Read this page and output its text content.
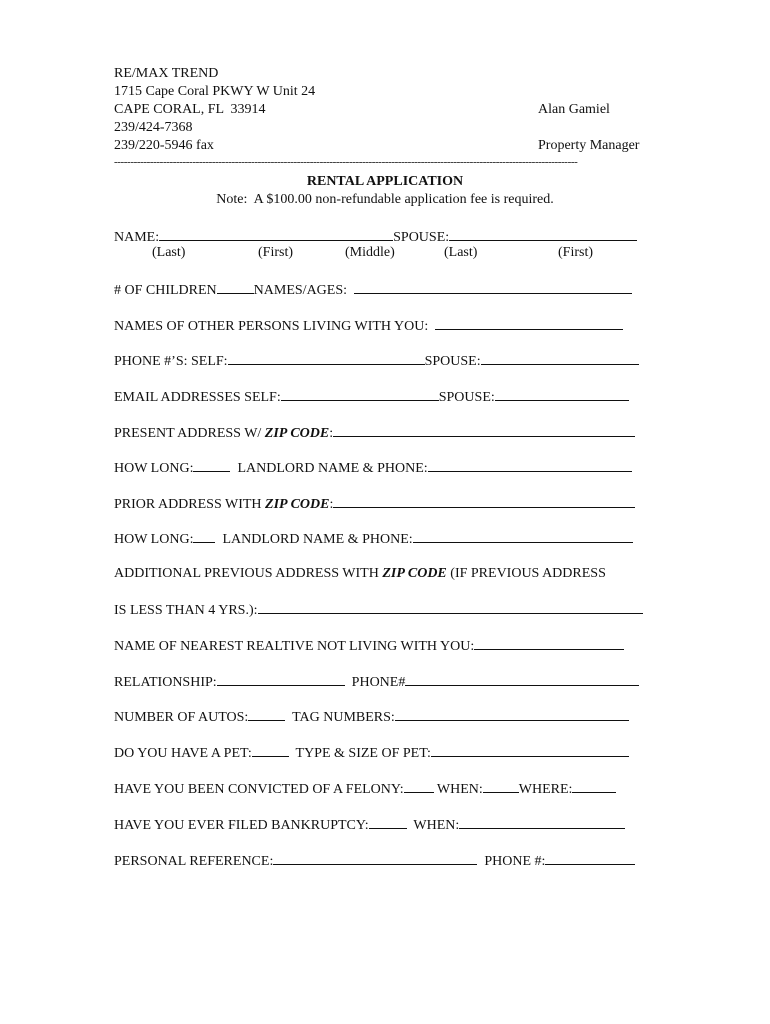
RE/MAX TREND
1715 Cape Coral PKWY W Unit 24
CAPE CORAL, FL  33914	Alan Gamiel
239/424-7368
239/220-5946 fax	Property Manager
----------------------------------------------------------------------------------------------------------------------------------------------
RENTAL APPLICATION
Note:  A $100.00 non-refundable application fee is required.
NAME:	SPOUSE:
(Last)	(First)	(Middle)	(Last)	(First)
# OF CHILDREN	NAMES/AGES:
NAMES OF OTHER PERSONS LIVING WITH YOU:
PHONE #’S: SELF:	SPOUSE:
EMAIL ADDRESSES SELF:	SPOUSE:
PRESENT ADDRESS W/ ZIP CODE:
HOW LONG:	LANDLORD NAME & PHONE:
PRIOR ADDRESS WITH ZIP CODE:
HOW LONG:  LANDLORD NAME & PHONE:
ADDITIONAL PREVIOUS ADDRESS WITH ZIP CODE (IF PREVIOUS ADDRESS
IS LESS THAN 4 YRS.):
NAME OF NEAREST REALTIVE NOT LIVING WITH YOU:
RELATIONSHIP:	PHONE#
NUMBER OF AUTOS:	TAG NUMBERS:
DO YOU HAVE A PET:	TYPE & SIZE OF PET:
HAVE YOU BEEN CONVICTED OF A FELONY: WHEN:	WHERE:
HAVE YOU EVER FILED BANKRUPTCY:	WHEN:
PERSONAL REFERENCE:	PHONE #:
